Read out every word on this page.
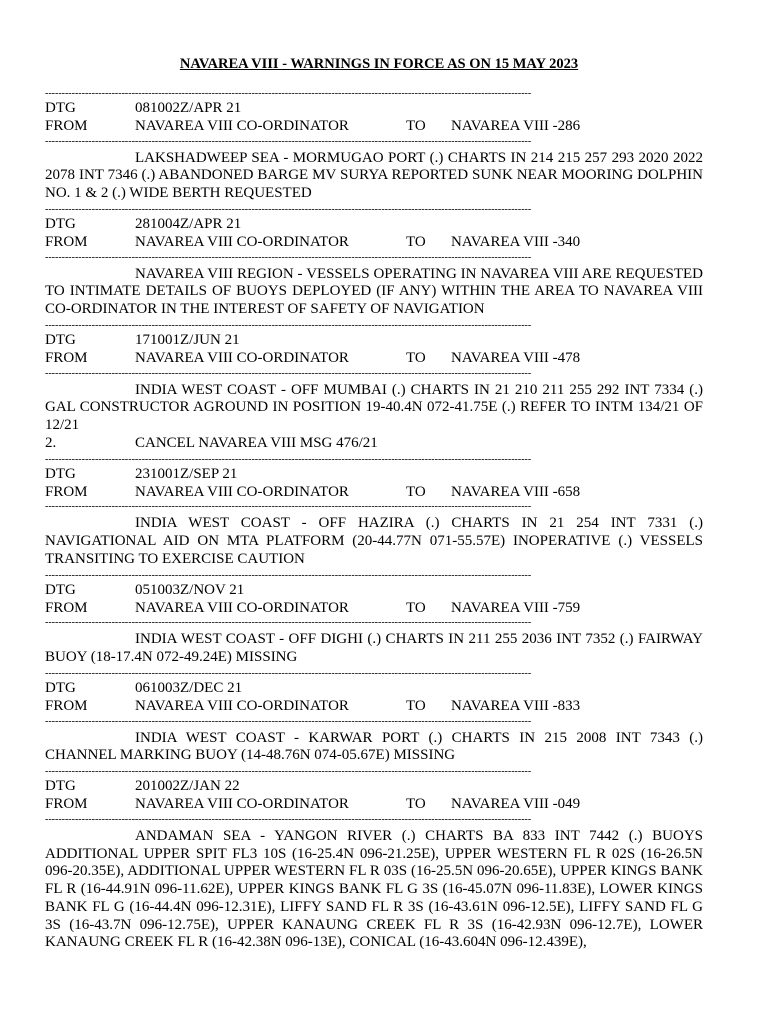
NAVAREA VIII - WARNINGS IN FORCE AS ON 15 MAY 2023
-----
DTG	081002Z/APR 21
FROM	NAVAREA VIII CO-ORDINATOR	TO	NAVAREA VIII -286
-----

LAKSHADWEEP SEA - MORMUGAO PORT (.) CHARTS IN 214 215 257 293 2020 2022 2078 INT 7346 (.) ABANDONED BARGE MV SURYA REPORTED SUNK NEAR MOORING DOLPHIN NO. 1 & 2 (.) WIDE BERTH REQUESTED

-----
DTG	281004Z/APR 21
FROM	NAVAREA VIII CO-ORDINATOR	TO	NAVAREA VIII -340
-----

NAVAREA VIII REGION - VESSELS OPERATING IN NAVAREA VIII ARE REQUESTED TO INTIMATE DETAILS OF BUOYS DEPLOYED (IF ANY) WITHIN THE AREA TO NAVAREA VIII CO-ORDINATOR IN THE INTEREST OF SAFETY OF NAVIGATION

-----
DTG	171001Z/JUN 21
FROM	NAVAREA VIII CO-ORDINATOR	TO	NAVAREA VIII -478
-----

INDIA WEST COAST - OFF MUMBAI (.) CHARTS IN 21 210 211 255 292 INT 7334 (.) GAL CONSTRUCTOR AGROUND IN POSITION 19-40.4N 072-41.75E (.) REFER TO INTM 134/21 OF 12/21

2.	CANCEL NAVAREA VIII MSG 476/21
-----
DTG	231001Z/SEP 21
FROM	NAVAREA VIII CO-ORDINATOR	TO	NAVAREA VIII -658
-----

INDIA WEST COAST - OFF HAZIRA (.) CHARTS IN 21 254 INT 7331 (.) NAVIGATIONAL AID ON MTA PLATFORM (20-44.77N 071-55.57E) INOPERATIVE (.) VESSELS TRANSITING TO EXERCISE CAUTION

-----
DTG	051003Z/NOV 21
FROM	NAVAREA VIII CO-ORDINATOR	TO	NAVAREA VIII -759
-----

INDIA WEST COAST - OFF DIGHI (.) CHARTS IN 211 255 2036 INT 7352 (.) FAIRWAY BUOY (18-17.4N 072-49.24E) MISSING

-----
DTG	061003Z/DEC 21
FROM	NAVAREA VIII CO-ORDINATOR	TO	NAVAREA VIII -833
-----

INDIA WEST COAST - KARWAR PORT (.) CHARTS IN 215 2008 INT 7343 (.) CHANNEL MARKING BUOY (14-48.76N 074-05.67E) MISSING

-----
DTG	201002Z/JAN 22
FROM	NAVAREA VIII CO-ORDINATOR	TO	NAVAREA VIII -049
-----

ANDAMAN SEA - YANGON RIVER (.) CHARTS BA 833 INT 7442 (.) BUOYS ADDITIONAL UPPER SPIT FL3 10S (16-25.4N 096-21.25E), UPPER WESTERN FL R 02S (16-26.5N 096-20.35E), ADDITIONAL UPPER WESTERN FL R 03S (16-25.5N 096-20.65E), UPPER KINGS BANK FL R (16-44.91N 096-11.62E), UPPER KINGS BANK FL G 3S (16-45.07N 096-11.83E), LOWER KINGS BANK FL G (16-44.4N 096-12.31E), LIFFY SAND FL R 3S (16-43.61N 096-12.5E), LIFFY SAND FL G 3S (16-43.7N 096-12.75E), UPPER KANAUNG CREEK FL R 3S (16-42.93N 096-12.7E), LOWER KANAUNG CREEK FL R (16-42.38N 096-13E), CONICAL (16-43.604N 096-12.439E),
